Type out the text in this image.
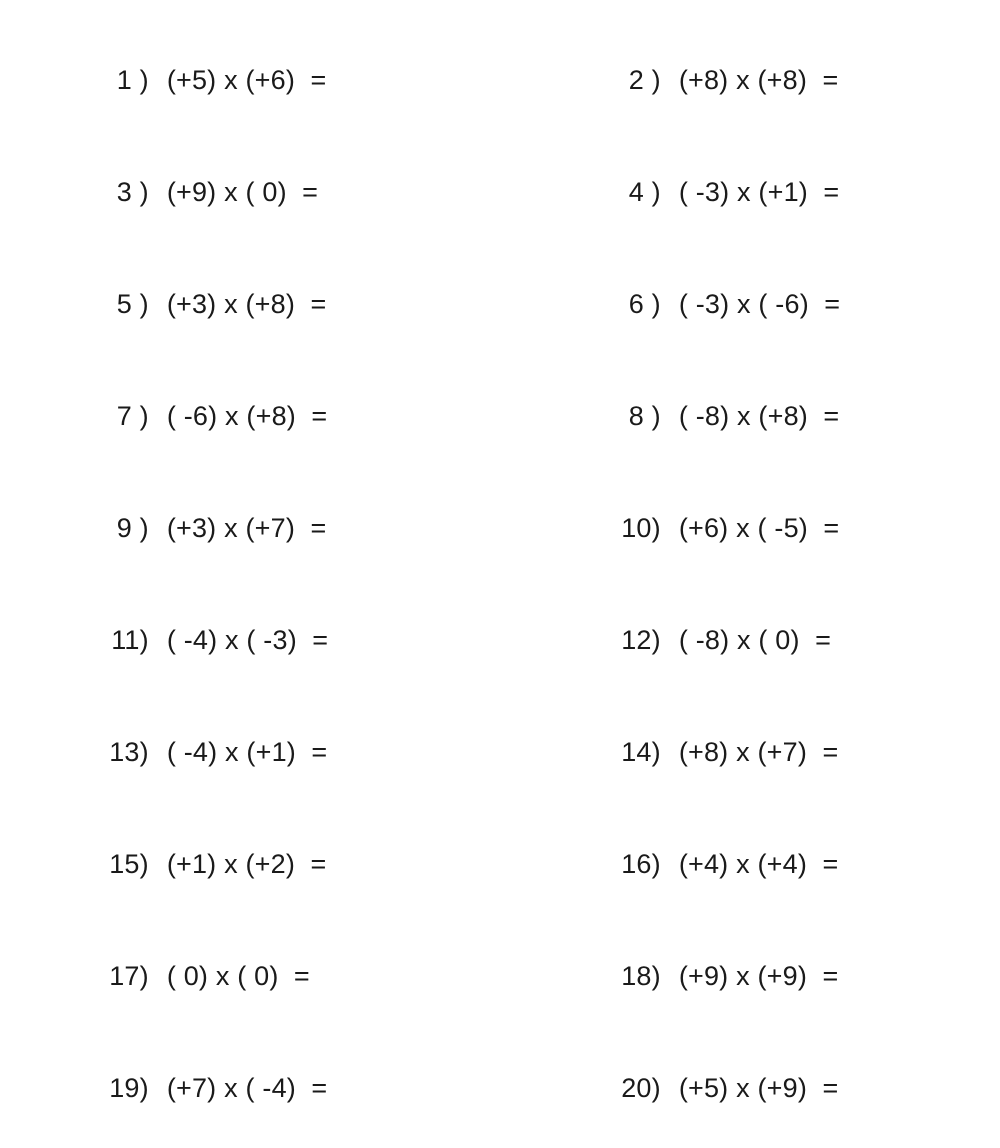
1 ) (+5) x (+6)  =
	2 ) (+8) x (+8)  =

3 ) (+9) x ( 0)  =
	4 ) ( -3) x (+1)  =

5 ) (+3) x (+8)  =
	6 ) ( -3) x ( -6)  =

7 ) ( -6) x (+8)  =
	8 ) ( -8) x (+8)  =

9 ) (+3) x (+7)  =
	10) (+6) x ( -5)  =

11) ( -4) x ( -3)  =
	12) ( -8) x ( 0)  =

13) ( -4) x (+1)  =
	14) (+8) x (+7)  =

15) (+1) x (+2)  =
	16) (+4) x (+4)  =

17) ( 0) x ( 0)  =
	18) (+9) x (+9)  =

19) (+7) x ( -4)  =
	20) (+5) x (+9)  =
